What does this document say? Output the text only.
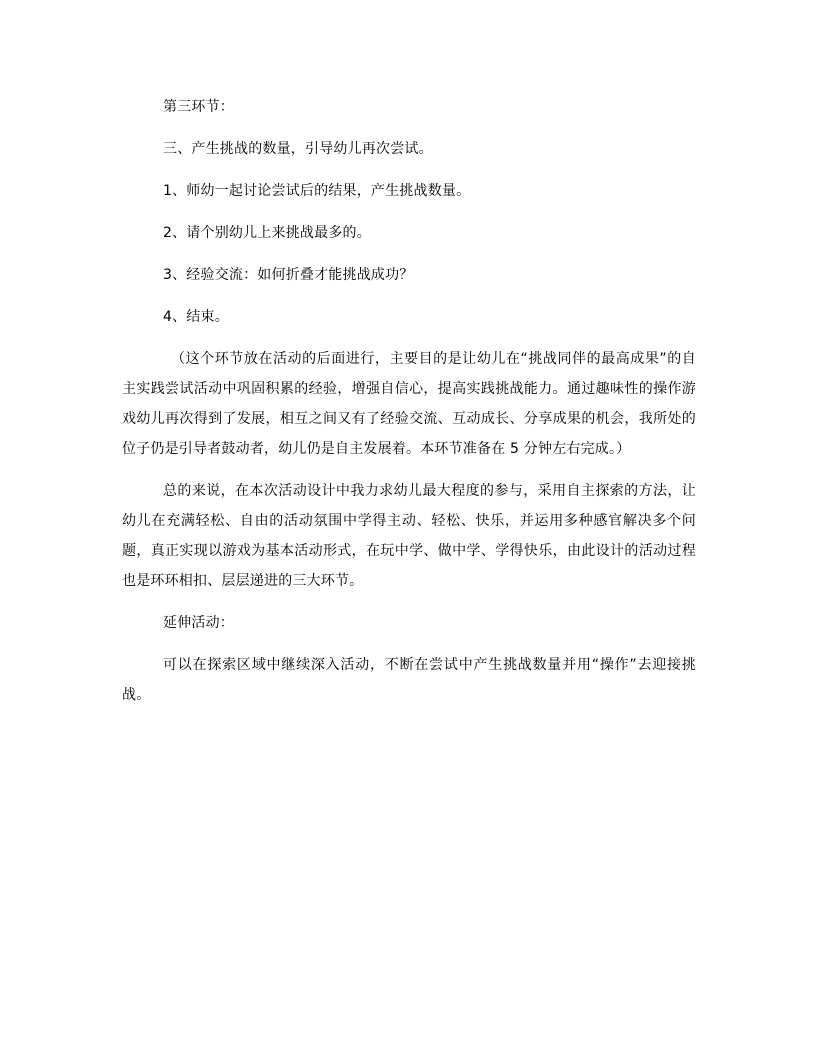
第三环节：

三、产生挑战的数量，引导幼儿再次尝试。

1、师幼一起讨论尝试后的结果，产生挑战数量。

2、请个别幼儿上来挑战最多的。

3、经验交流：如何折叠才能挑战成功？

4、结束。

（这个环节放在活动的后面进行，主要目的是让幼儿在“挑战同伴的最高成果”的自主实践尝试活动中巩固积累的经验，增强自信心，提高实践挑战能力。通过趣味性的操作游戏幼儿再次得到了发展，相互之间又有了经验交流、互动成长、分享成果的机会，我所处的位子仍是引导者鼓动者，幼儿仍是自主发展着。本环节准备在 5 分钟左右完成。）

总的来说，在本次活动设计中我力求幼儿最大程度的参与，采用自主探索的方法，让幼儿在充满轻松、自由的活动氛围中学得主动、轻松、快乐，并运用多种感官解决多个问题，真正实现以游戏为基本活动形式，在玩中学、做中学、学得快乐，由此设计的活动过程也是环环相扣、层层递进的三大环节。

延伸活动：

可以在探索区域中继续深入活动，不断在尝试中产生挑战数量并用“操作”去迎接挑战。
